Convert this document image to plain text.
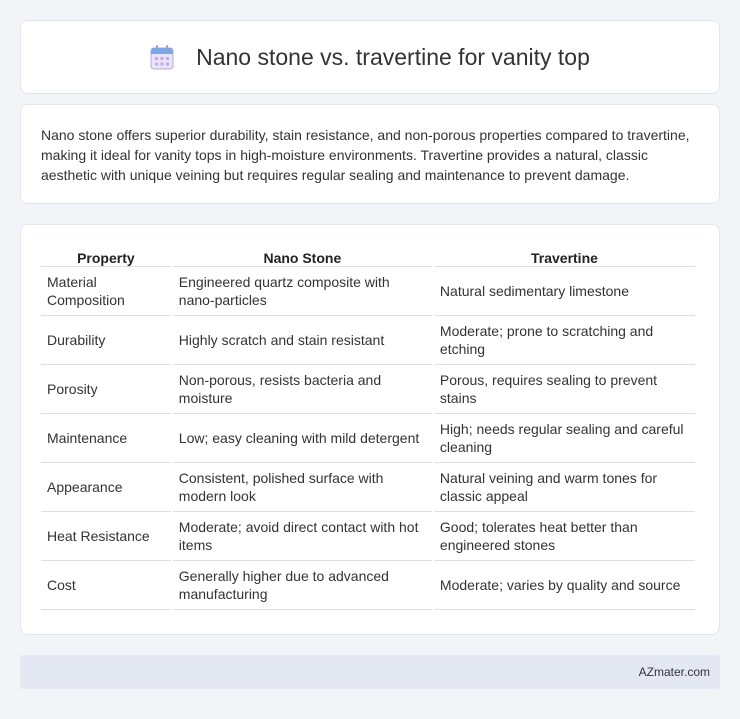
Nano stone vs. travertine for vanity top

Nano stone offers superior durability, stain resistance, and non-porous properties compared to travertine, making it ideal for vanity tops in high-moisture environments. Travertine provides a natural, classic aesthetic with unique veining but requires regular sealing and maintenance to prevent damage.

Property	Nano Stone	Travertine
Material Composition	Engineered quartz composite with nano-particles	Natural sedimentary limestone
Durability	Highly scratch and stain resistant	Moderate; prone to scratching and etching
Porosity	Non-porous, resists bacteria and moisture	Porous, requires sealing to prevent stains
Maintenance	Low; easy cleaning with mild detergent	High; needs regular sealing and careful cleaning
Appearance	Consistent, polished surface with modern look	Natural veining and warm tones for classic appeal
Heat Resistance	Moderate; avoid direct contact with hot items	Good; tolerates heat better than engineered stones
Cost	Generally higher due to advanced manufacturing	Moderate; varies by quality and source
AZmater.com
